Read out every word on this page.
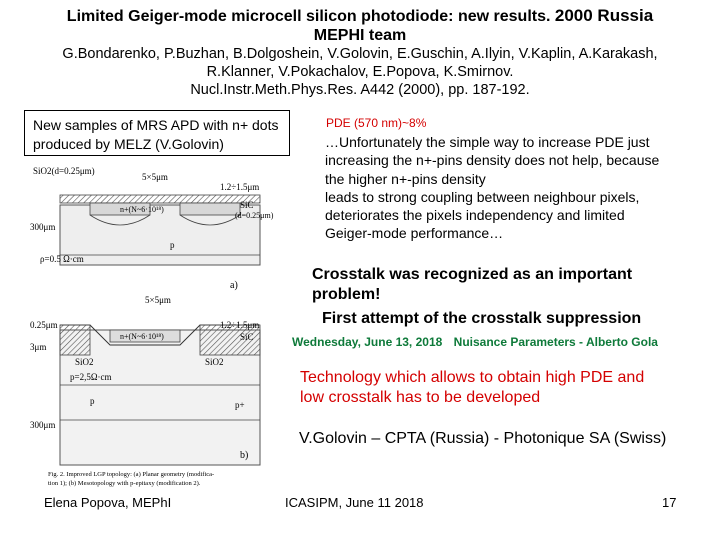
Limited Geiger-mode microcell silicon photodiode: new results. 2000 Russia
MEPHI team
G.Bondarenko, P.Buzhan, B.Dolgoshein, V.Golovin, E.Guschin, A.Ilyin, V.Kaplin, A.Karakash,
R.Klanner, V.Pokachalov, E.Popova, K.Smirnov.
Nucl.Instr.Meth.Phys.Res. A442 (2000), pp. 187-192.
New samples of MRS APD with n+ dots produced by MELZ (V.Golovin)
SiO2(d=0.25μm)
5×5μm
1.2÷1.5μm
n+(N~6·10¹⁸)	SiC
(d=0.25μm)
300μm
p
ρ=0.5 Ω·cm
a)
5×5μm
0.25μm	1.2÷1.5μm
3μm
n+(N~6·10¹⁸)	SiC
SiO2	SiO2
p=2,5Ω·cm
p	p+
300μm
b)
Fig. 2. Improved LGP topology: (a) Planar geometry (modifica-
tion 1); (b) Mesotopology with p-epitaxy (modification 2).
PDE (570 nm)~8%
…Unfortunately the simple way to increase PDE just
increasing the n+-pins density does not help, because
the higher n+-pins density
leads to strong coupling between neighbour pixels,
deteriorates the pixels independency and limited
Geiger-mode performance…
Crosstalk was recognized as an important
problem!
First attempt of the crosstalk suppression
Wednesday, June 13, 2018 Nuisance Parameters - Alberto Gola
Technology which allows to obtain high PDE and
low crosstalk has to be developed
V.Golovin – CPTA (Russia) - Photonique SA (Swiss)
Elena Popova, MEPhI	ICASIPM, June 11 2018	17
